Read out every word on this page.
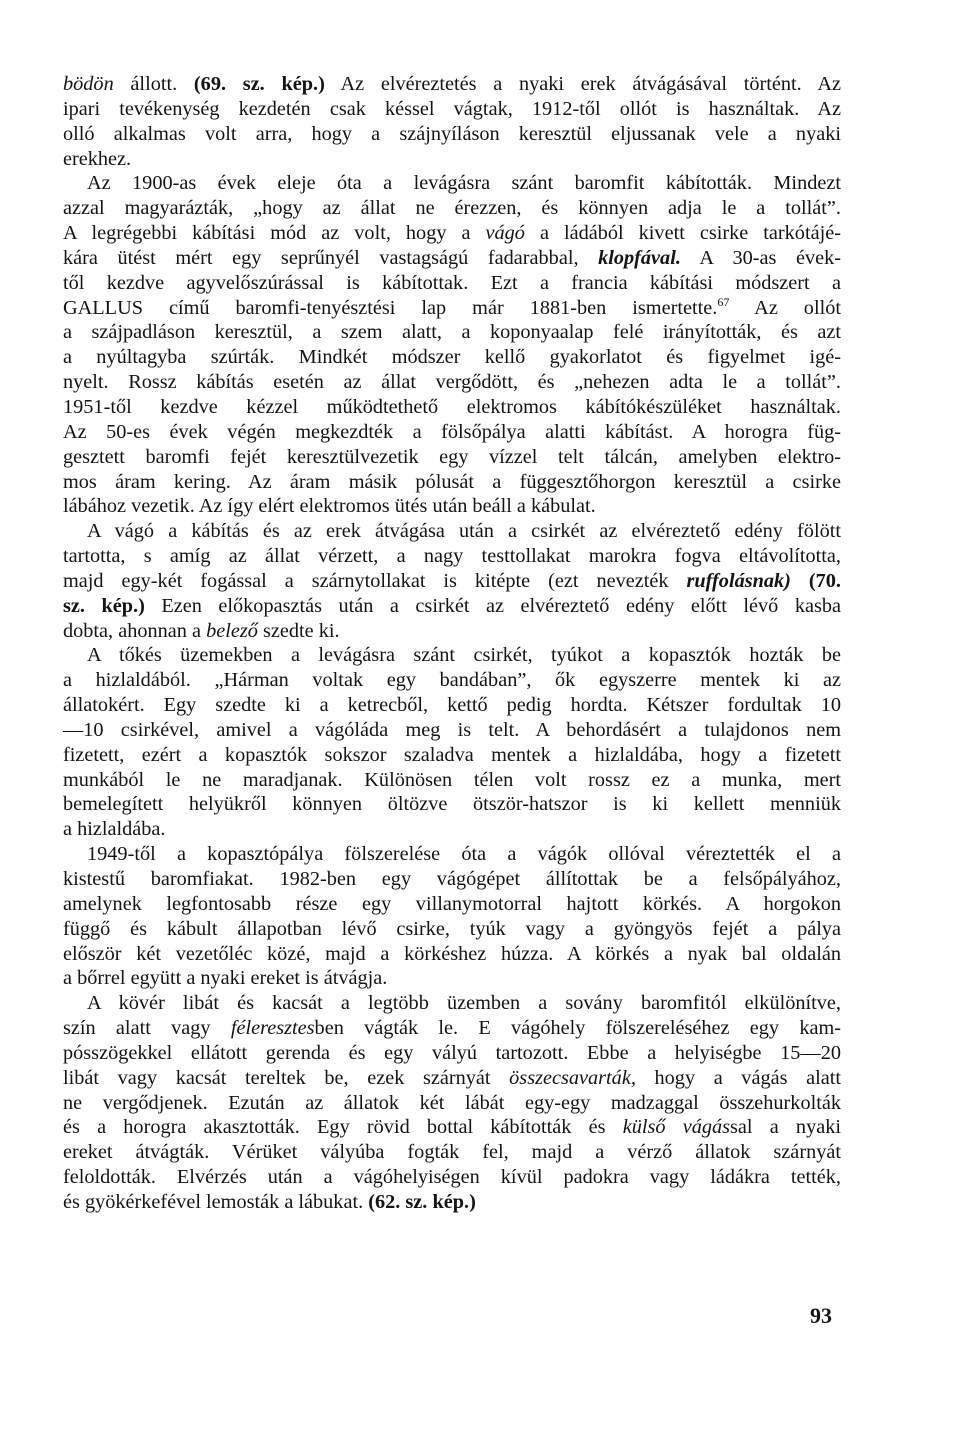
bödön állott. (69. sz. kép.) Az elvéreztetés a nyaki erek átvágásával történt. Az
ipari tevékenység kezdetén csak késsel vágtak, 1912-től ollót is használtak. Az
olló alkalmas volt arra, hogy a szájnyíláson keresztül eljussanak vele a nyaki
erekhez.
Az 1900-as évek eleje óta a levágásra szánt baromfit kábították. Mindezt
azzal magyarázták, „hogy az állat ne érezzen, és könnyen adja le a tollát”.
A legrégebbi kábítási mód az volt, hogy a vágó a ládából kivett csirke tarkótájé-
kára ütést mért egy seprűnyél vastagságú fadarabbal, klopfával. A 30-as évek-
től kezdve agyvelőszúrással is kábítottak. Ezt a francia kábítási módszert a
GALLUS című baromfi-tenyésztési lap már 1881-ben ismertette.$^{67}$ Az ollót
a szájpadláson keresztül, a szem alatt, a koponyaalap felé irányították, és azt
a nyúltagyba szúrták. Mindkét módszer kellő gyakorlatot és figyelmet igé-
nyelt. Rossz kábítás esetén az állat vergődött, és „nehezen adta le a tollát”.
1951-től kezdve kézzel működtethető elektromos kábítókészüléket használtak.
Az 50-es évek végén megkezdték a fölsőpálya alatti kábítást. A horogra füg-
gesztett baromfi fejét keresztülvezetik egy vízzel telt tálcán, amelyben elektro-
mos áram kering. Az áram másik pólusát a függesztőhorgon keresztül a csirke
lábához vezetik. Az így elért elektromos ütés után beáll a kábulat.
A vágó a kábítás és az erek átvágása után a csirkét az elvéreztető edény fölött
tartotta, s amíg az állat vérzett, a nagy testtollakat marokra fogva eltávolította,
majd egy-két fogással a szárnytollakat is kitépte (ezt nevezték ruffolásnak) (70.
sz. kép.) Ezen előkopasztás után a csirkét az elvéreztető edény előtt lévő kasba
dobta, ahonnan a belező szedte ki.
A tőkés üzemekben a levágásra szánt csirkét, tyúkot a kopasztók hozták be
a hizlaldából. „Hárman voltak egy bandában”, ők egyszerre mentek ki az
állatokért. Egy szedte ki a ketrecből, kettő pedig hordta. Kétszer fordultak 10
—10 csirkével, amivel a vágóláda meg is telt. A behordásért a tulajdonos nem
fizetett, ezért a kopasztók sokszor szaladva mentek a hizlaldába, hogy a fizetett
munkából le ne maradjanak. Különösen télen volt rossz ez a munka, mert
bemelegített helyükről könnyen öltözve ötször-hatszor is ki kellett menniük
a hizlaldába.
1949-től a kopasztópálya fölszerelése óta a vágók ollóval véreztették el a
kistestű baromfiakat. 1982-ben egy vágógépet állítottak be a felsőpályához,
amelynek legfontosabb része egy villanymotorral hajtott körkés. A horgokon
függő és kábult állapotban lévő csirke, tyúk vagy a gyöngyös fejét a pálya
először két vezetőléc közé, majd a körkéshez húzza. A körkés a nyak bal oldalán
a bőrrel együtt a nyaki ereket is átvágja.
A kövér libát és kacsát a legtöbb üzemben a sovány baromfitól elkülönítve,
szín alatt vagy féleresztesben vágták le. E vágóhely fölszereléséhez egy kam-
pósszögekkel ellátott gerenda és egy vályú tartozott. Ebbe a helyiségbe 15—20
libát vagy kacsát tereltek be, ezek szárnyát összecsavarták, hogy a vágás alatt
ne vergődjenek. Ezután az állatok két lábát egy-egy madzaggal összehurkolták
és a horogra akasztották. Egy rövid bottal kábították és külső vágással a nyaki
ereket átvágták. Vérüket vályúba fogták fel, majd a vérző állatok szárnyát
feloldották. Elvérzés után a vágóhelyiségen kívül padokra vagy ládákra tették,
és gyökérkefével lemosták a lábukat. (62. sz. kép.)
93
